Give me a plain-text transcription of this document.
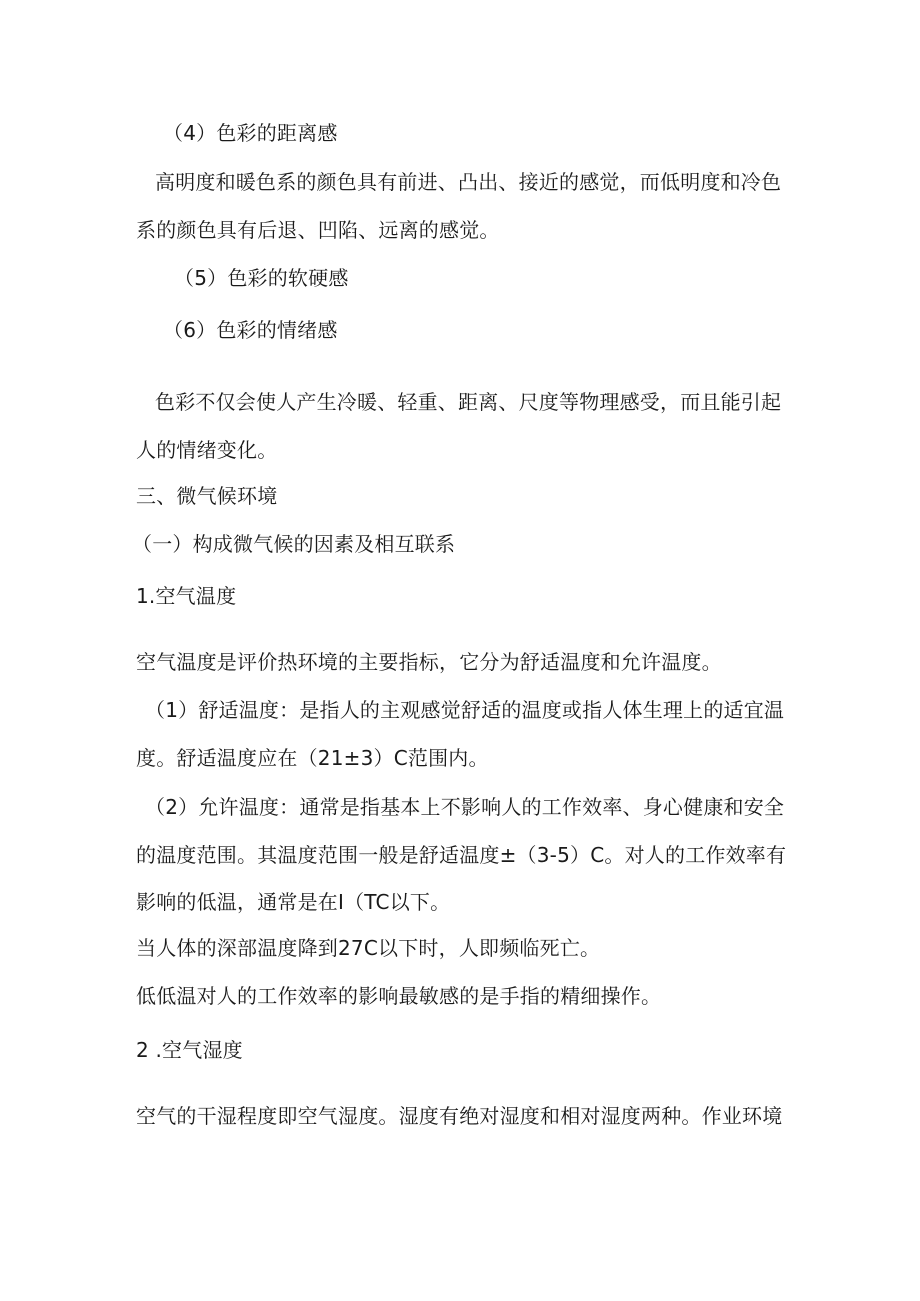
（4）色彩的距离感
高明度和暖色系的颜色具有前进、凸出、接近的感觉，而低明度和冷色
系的颜色具有后退、凹陷、远离的感觉。
（5）色彩的软硬感
（6）色彩的情绪感
色彩不仅会使人产生冷暖、轻重、距离、尺度等物理感受，而且能引起
人的情绪变化。
三、微气候环境
（一）构成微气候的因素及相互联系
1.空气温度
空气温度是评价热环境的主要指标，它分为舒适温度和允许温度。
（1）舒适温度：是指人的主观感觉舒适的温度或指人体生理上的适宜温
度。舒适温度应在（21±3）C范围内。
（2）允许温度：通常是指基本上不影响人的工作效率、身心健康和安全
的温度范围。其温度范围一般是舒适温度±（3-5）C。对人的工作效率有
影响的低温，通常是在I（TC以下。
当人体的深部温度降到27C以下时，人即频临死亡。
低低温对人的工作效率的影响最敏感的是手指的精细操作。
2 .空气湿度
空气的干湿程度即空气湿度。湿度有绝对湿度和相对湿度两种。作业环境
